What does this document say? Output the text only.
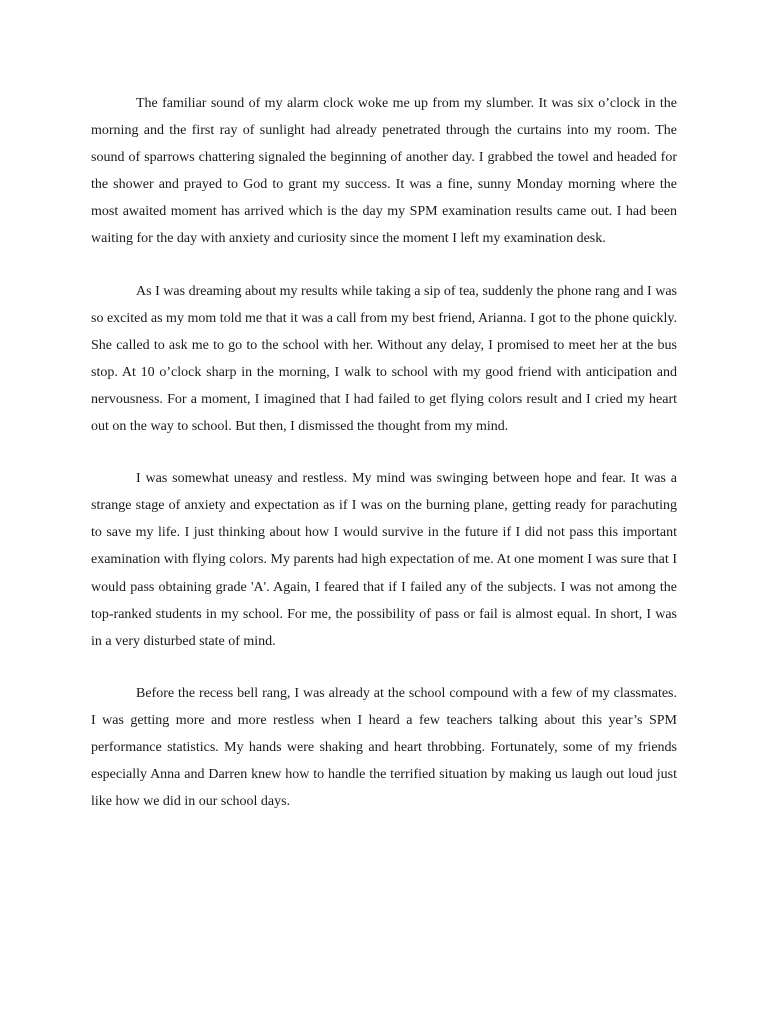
The familiar sound of my alarm clock woke me up from my slumber. It was six o’clock in the morning and the first ray of sunlight had already penetrated through the curtains into my room. The sound of sparrows chattering signaled the beginning of another day. I grabbed the towel and headed for the shower and prayed to God to grant my success. It was a fine, sunny Monday morning where the most awaited moment has arrived which is the day my SPM examination results came out. I had been waiting for the day with anxiety and curiosity since the moment I left my examination desk.

As I was dreaming about my results while taking a sip of tea, suddenly the phone rang and I was so excited as my mom told me that it was a call from my best friend, Arianna. I got to the phone quickly. She called to ask me to go to the school with her. Without any delay, I promised to meet her at the bus stop. At 10 o’clock sharp in the morning, I walk to school with my good friend with anticipation and nervousness. For a moment, I imagined that I had failed to get flying colors result and I cried my heart out on the way to school. But then, I dismissed the thought from my mind.

I was somewhat uneasy and restless. My mind was swinging between hope and fear. It was a strange stage of anxiety and expectation as if I was on the burning plane, getting ready for parachuting to save my life. I just thinking about how I would survive in the future if I did not pass this important examination with flying colors. My parents had high expectation of me. At one moment I was sure that I would pass obtaining grade 'A'. Again, I feared that if I failed any of the subjects. I was not among the top-ranked students in my school. For me, the possibility of pass or fail is almost equal. In short, I was in a very disturbed state of mind.

Before the recess bell rang, I was already at the school compound with a few of my classmates. I was getting more and more restless when I heard a few teachers talking about this year’s SPM performance statistics. My hands were shaking and heart throbbing. Fortunately, some of my friends especially Anna and Darren knew how to handle the terrified situation by making us laugh out loud just like how we did in our school days.
